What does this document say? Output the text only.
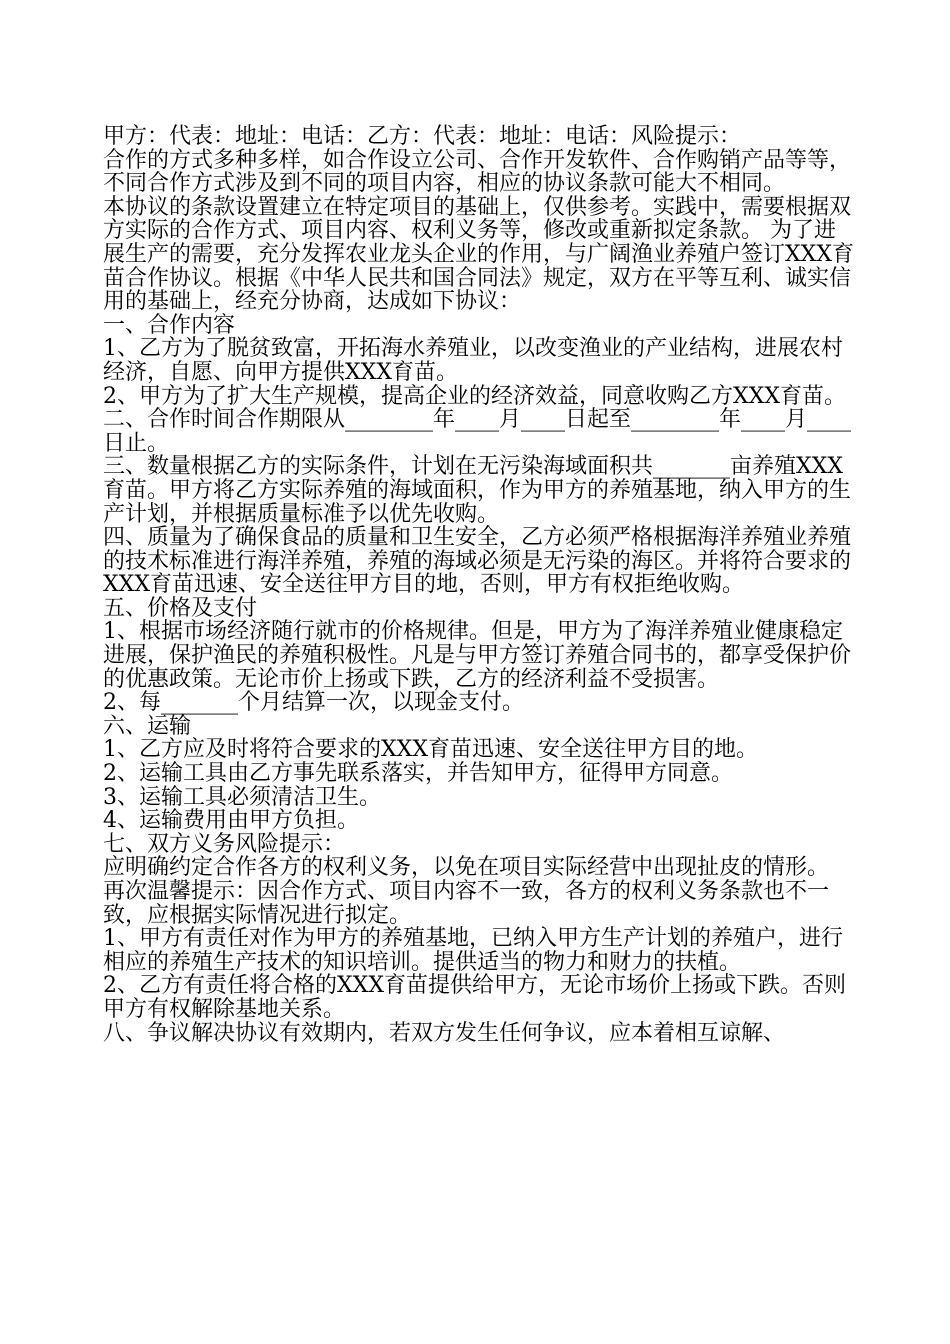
甲方：代表：地址：电话：乙方：代表：地址：电话：风险提示：

合作的方式多种多样，如合作设立公司、合作开发软件、合作购销产品等等，不同合作方式涉及到不同的项目内容，相应的协议条款可能大不相同。

本协议的条款设置建立在特定项目的基础上，仅供参考。实践中，需要根据双方实际的合作方式、项目内容、权利义务等，修改或重新拟定条款。 为了进展生产的需要，充分发挥农业龙头企业的作用，与广阔渔业养殖户签订XXX育苗合作协议。根据《中华人民共和国合同法》规定，双方在平等互利、诚实信用的基础上，经充分协商，达成如下协议：

一、合作内容

1、乙方为了脱贫致富，开拓海水养殖业，以改变渔业的产业结构，进展农村经济，自愿、向甲方提供XXX育苗。

2、甲方为了扩大生产规模，提高企业的经济效益，同意收购乙方XXX育苗。

二、合作时间合作期限从________年____月____日起至________年____月____日止。

三、数量根据乙方的实际条件，计划在无污染海域面积共_______亩养殖XXX育苗。甲方将乙方实际养殖的海域面积，作为甲方的养殖基地，纳入甲方的生产计划，并根据质量标准予以优先收购。

四、质量为了确保食品的质量和卫生安全，乙方必须严格根据海洋养殖业养殖的技术标准进行海洋养殖，养殖的海域必须是无污染的海区。并将符合要求的XXX育苗迅速、安全送往甲方目的地，否则，甲方有权拒绝收购。

五、价格及支付

1、根据市场经济随行就市的价格规律。但是，甲方为了海洋养殖业健康稳定进展，保护渔民的养殖积极性。凡是与甲方签订养殖合同书的，都享受保护价的优惠政策。无论市价上扬或下跌，乙方的经济利益不受损害。

2、每_______个月结算一次，以现金支付。

六、运输

1、乙方应及时将符合要求的XXX育苗迅速、安全送往甲方目的地。

2、运输工具由乙方事先联系落实，并告知甲方，征得甲方同意。

3、运输工具必须清洁卫生。

4、运输费用由甲方负担。

七、双方义务风险提示：

应明确约定合作各方的权利义务，以免在项目实际经营中出现扯皮的情形。

再次温馨提示：因合作方式、项目内容不一致，各方的权利义务条款也不一致，应根据实际情况进行拟定。

1、甲方有责任对作为甲方的养殖基地，已纳入甲方生产计划的养殖户，进行相应的养殖生产技术的知识培训。提供适当的物力和财力的扶植。

2、乙方有责任将合格的XXX育苗提供给甲方，无论市场价上扬或下跌。否则甲方有权解除基地关系。

八、争议解决协议有效期内，若双方发生任何争议，应本着相互谅解、
